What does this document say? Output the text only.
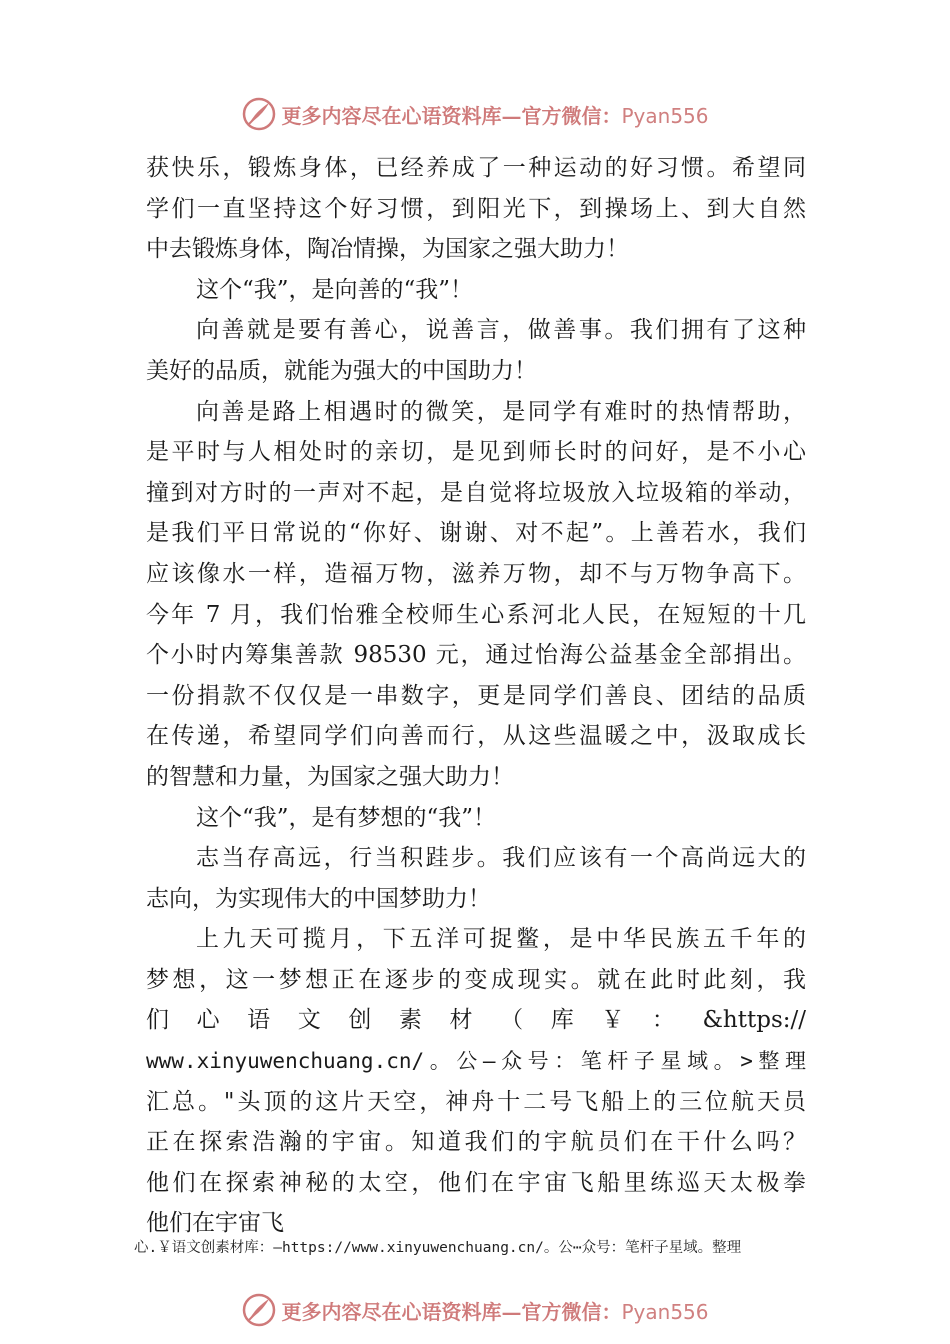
更多内容尽在心语资料库—官方微信：Pyan556
获快乐，锻炼身体，已经养成了一种运动的好习惯。希望同
学们一直坚持这个好习惯，到阳光下，到操场上、到大自然
中去锻炼身体，陶冶情操，为国家之强大助力！
这个“我”，是向善的“我”！
向善就是要有善心，说善言，做善事。我们拥有了这种
美好的品质，就能为强大的中国助力！
向善是路上相遇时的微笑，是同学有难时的热情帮助，
是平时与人相处时的亲切，是见到师长时的问好，是不小心
撞到对方时的一声对不起，是自觉将垃圾放入垃圾箱的举动，
是我们平日常说的“你好、谢谢、对不起”。上善若水，我们
应该像水一样，造福万物，滋养万物，却不与万物争高下。
今年 7 月，我们怡雅全校师生心系河北人民，在短短的十几
个小时内筹集善款 98530 元，通过怡海公益基金全部捐出。
一份捐款不仅仅是一串数字，更是同学们善良、团结的品质
在传递，希望同学们向善而行，从这些温暖之中，汲取成长
的智慧和力量，为国家之强大助力！
这个“我”，是有梦想的“我”！
志当存高远，行当积跬步。我们应该有一个高尚远大的
志向，为实现伟大的中国梦助力！
上九天可揽月，下五洋可捉鳖，是中华民族五千年的
梦想，这一梦想正在逐步的变成现实。就在此时此刻，我
们 心 语 文 创 素 材 （ 库 ￥ ： &https://
www.xinyuwenchuang.cn/。公—众号：笔杆子星域。>整理
汇总。"头顶的这片天空，神舟十二号飞船上的三位航天员
正在探索浩瀚的宇宙。知道我们的宇航员们在干什么吗？
他们在探索神秘的太空，他们在宇宙飞船里练巡天太极拳
他们在宇宙飞
心.￥语文创素材库：—https://www.xinyuwenchuang.cn/。公⋯众号：笔杆子星域。整理
更多内容尽在心语资料库—官方微信：Pyan556
